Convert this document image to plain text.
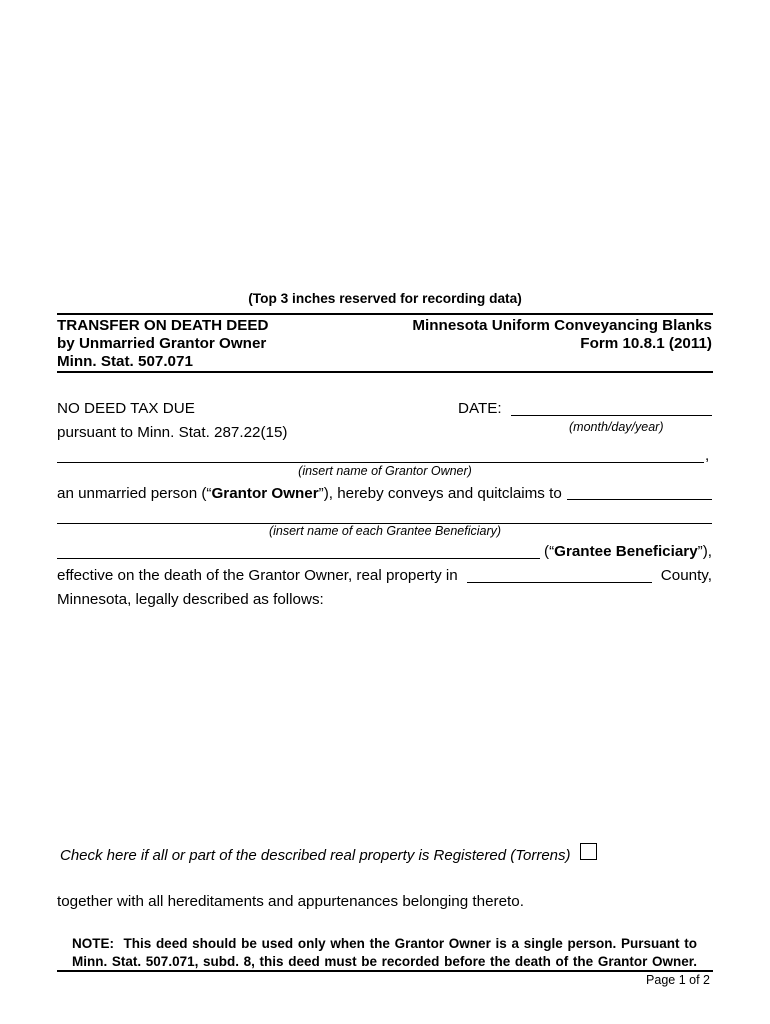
(Top 3 inches reserved for recording data)
TRANSFER ON DEATH DEED
by Unmarried Grantor Owner
Minn. Stat. 507.071
Minnesota Uniform Conveyancing Blanks
Form 10.8.1 (2011)
NO DEED TAX DUE
pursuant to Minn. Stat. 287.22(15)
DATE:
(month/day/year)
,
(insert name of Grantor Owner)
an unmarried person (“Grantor Owner”), hereby conveys and quitclaims to
(insert name of each Grantee Beneficiary)
(“Grantee Beneficiary”),
effective on the death of the Grantor Owner, real property in	County,
Minnesota, legally described as follows:
Check here if all or part of the described real property is Registered (Torrens)
together with all hereditaments and appurtenances belonging thereto.
NOTE:  This deed should be used only when the Grantor Owner is a single person. Pursuant to
Minn. Stat. 507.071, subd. 8, this deed must be recorded before the death of the Grantor Owner.
Page 1 of 2
